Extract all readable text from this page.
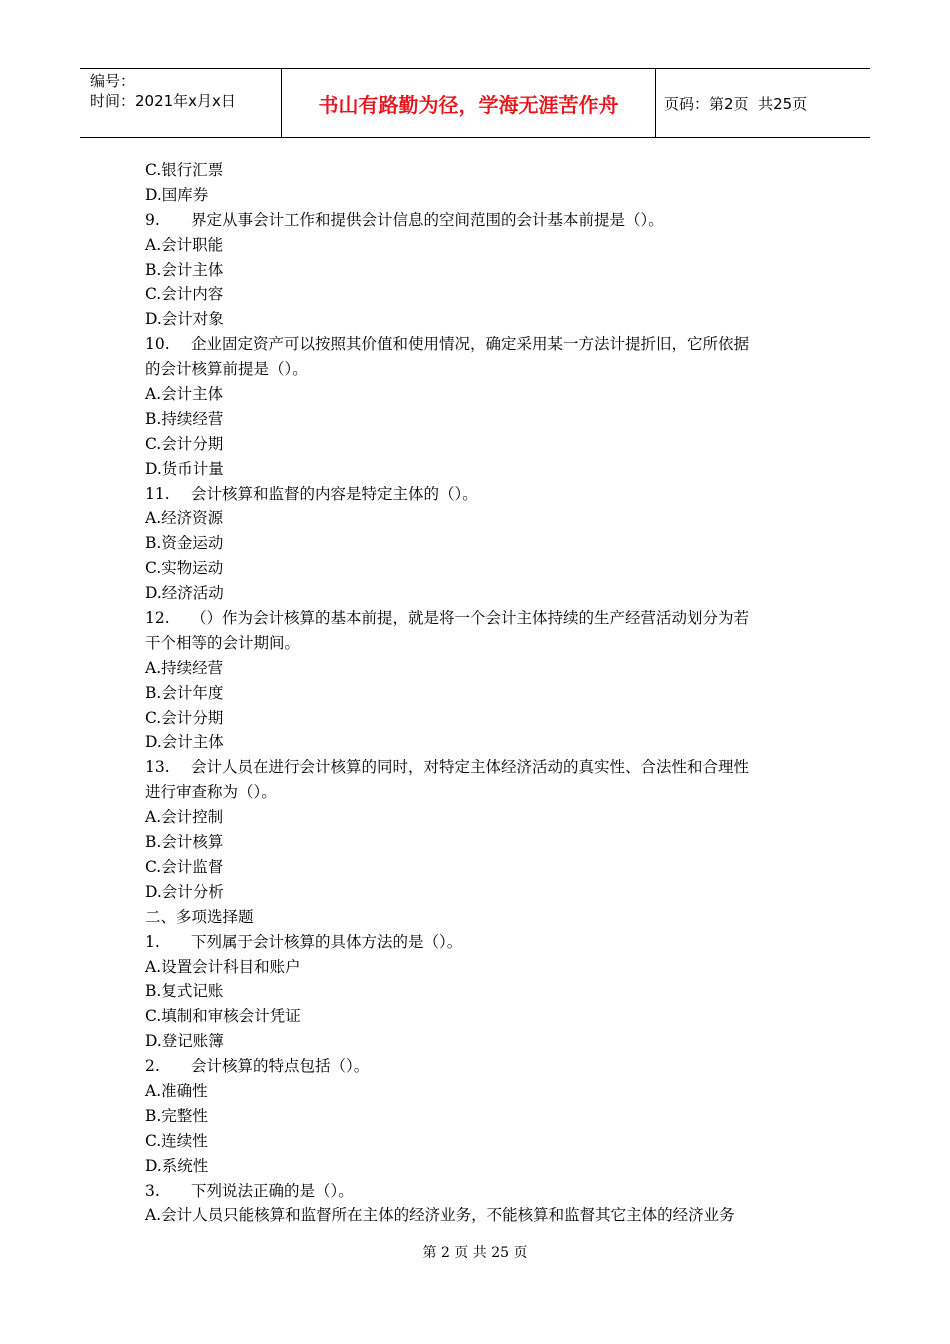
编号：
时间：2021年x月x日	书山有路勤为径，学海无涯苦作舟	页码：第2页  共25页
C.银行汇票
D.国库券
9. 界定从事会计工作和提供会计信息的空间范围的会计基本前提是（）。
A.会计职能
B.会计主体
C.会计内容
D.会计对象
10. 企业固定资产可以按照其价值和使用情况，确定采用某一方法计提折旧，它所依据
的会计核算前提是（）。
A.会计主体
B.持续经营
C.会计分期
D.货币计量
11. 会计核算和监督的内容是特定主体的（）。
A.经济资源
B.资金运动
C.实物运动
D.经济活动
12. （）作为会计核算的基本前提，就是将一个会计主体持续的生产经营活动划分为若
干个相等的会计期间。
A.持续经营
B.会计年度
C.会计分期
D.会计主体
13. 会计人员在进行会计核算的同时，对特定主体经济活动的真实性、合法性和合理性
进行审查称为（）。
A.会计控制
B.会计核算
C.会计监督
D.会计分析
二、多项选择题
1. 下列属于会计核算的具体方法的是（）。
A.设置会计科目和账户
B.复式记账
C.填制和审核会计凭证
D.登记账簿
2. 会计核算的特点包括（）。
A.准确性
B.完整性
C.连续性
D.系统性
3. 下列说法正确的是（）。
A.会计人员只能核算和监督所在主体的经济业务，不能核算和监督其它主体的经济业务
第 2 页 共 25 页
